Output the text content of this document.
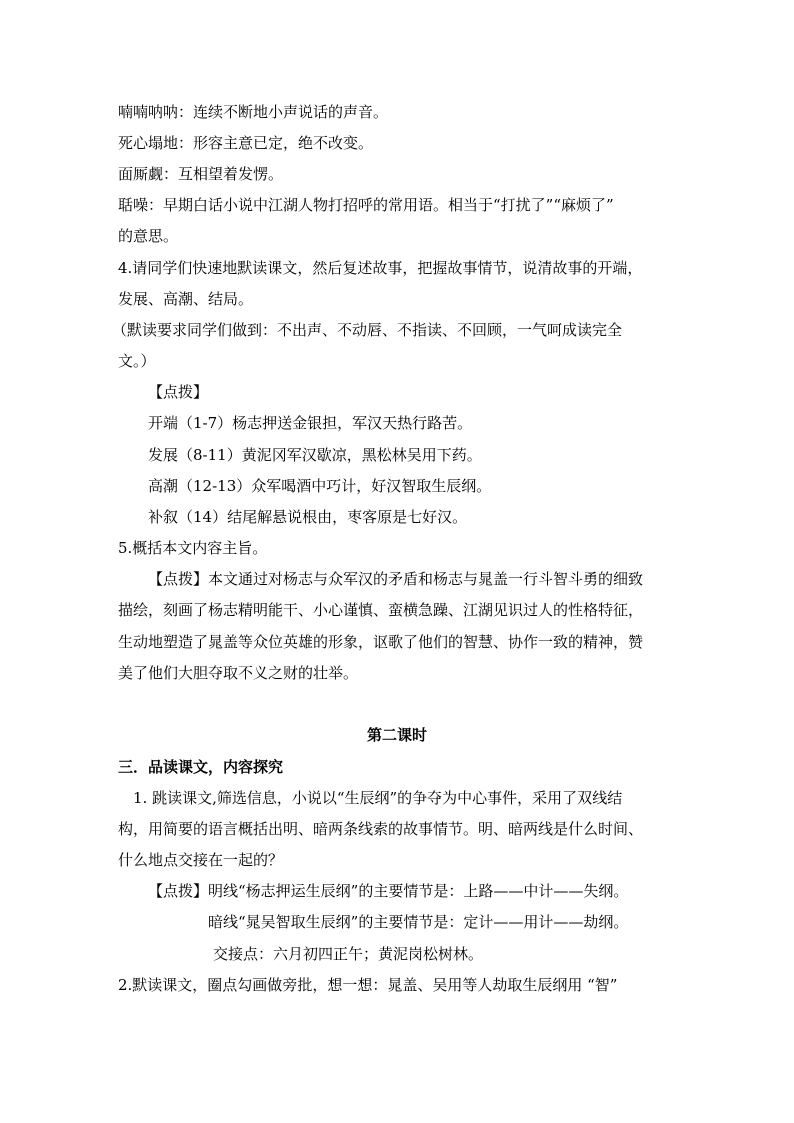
喃喃呐呐：连续不断地小声说话的声音。
死心塌地：形容主意已定，绝不改变。
面厮觑：互相望着发愣。
聒噪：早期白话小说中江湖人物打招呼的常用语。相当于“打扰了”“麻烦了”
的意思。
4.请同学们快速地默读课文，然后复述故事，把握故事情节，说清故事的开端，
发展、高潮、结局。
（默读要求同学们做到：不出声、不动唇、不指读、不回顾，一气呵成读完全
文。）
【点拨】
开端（1-7）杨志押送金银担，军汉天热行路苦。
发展（8-11）黄泥冈军汉歇凉，黑松林吴用下药。
高潮（12-13）众军喝酒中巧计，好汉智取生辰纲。
补叙（14）结尾解悬说根由，枣客原是七好汉。
5.概括本文内容主旨。
【点拨】本文通过对杨志与众军汉的矛盾和杨志与晁盖一行斗智斗勇的细致
描绘，刻画了杨志精明能干、小心谨慎、蛮横急躁、江湖见识过人的性格特征，
生动地塑造了晁盖等众位英雄的形象，讴歌了他们的智慧、协作一致的精神，赞
美了他们大胆夺取不义之财的壮举。
第二课时
三．品读课文，内容探究
1. 跳读课文,筛选信息，小说以“生辰纲”的争夺为中心事件，采用了双线结
构，用简要的语言概括出明、暗两条线索的故事情节。明、暗两线是什么时间、
什么地点交接在一起的？
【点拨】明线“杨志押运生辰纲”的主要情节是：上路——中计——失纲。
暗线“晁吴智取生辰纲”的主要情节是：定计——用计——劫纲。
交接点：六月初四正午；黄泥岗松树林。
2.默读课文，圈点勾画做旁批，想一想：晁盖、吴用等人劫取生辰纲用 “智”
